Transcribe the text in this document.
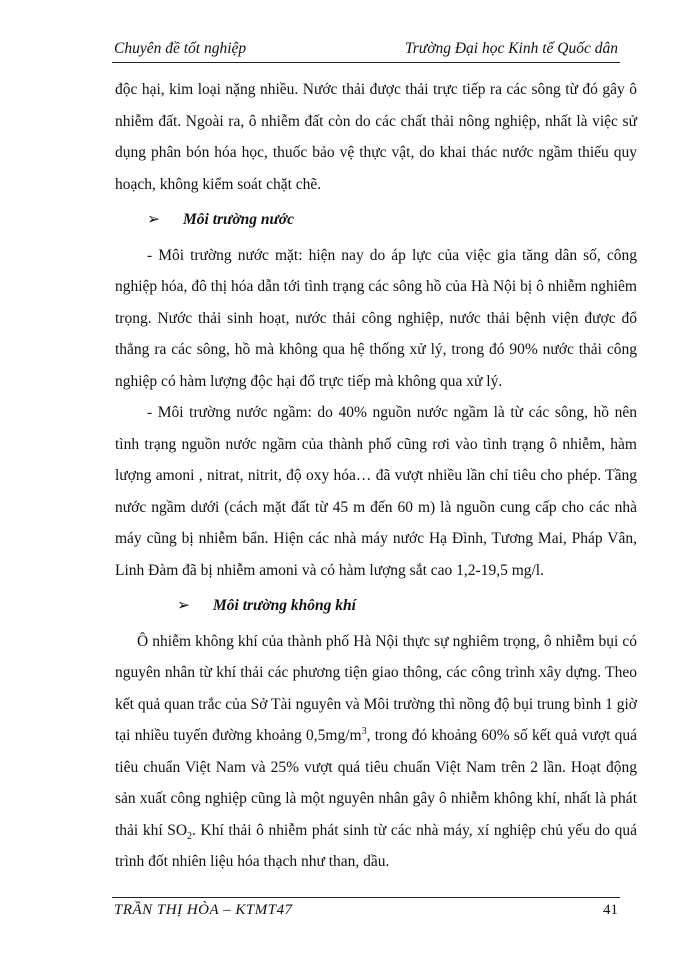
Chuyên đề tốt nghiệp	Trường Đại học Kinh tế Quốc dân

độc hại, kim loại nặng nhiều. Nước thải được thải trực tiếp ra các sông từ đó gây ô nhiễm đất. Ngoài ra, ô nhiễm đất còn do các chất thải nông nghiệp, nhất là việc sử dụng phân bón hóa học, thuốc bảo vệ thực vật, do khai thác nước ngầm thiếu quy hoạch, không kiểm soát chặt chẽ.

➢ Môi trường nước

- Môi trường nước mặt: hiện nay do áp lực của việc gia tăng dân số, công nghiệp hóa, đô thị hóa dẫn tới tình trạng các sông hồ của Hà Nội bị ô nhiễm nghiêm trọng. Nước thải sinh hoạt, nước thải công nghiệp, nước thải bệnh viện được đổ thẳng ra các sông, hồ mà không qua hệ thống xử lý, trong đó 90% nước thải công nghiệp có hàm lượng độc hại đổ trực tiếp mà không qua xử lý.

- Môi trường nước ngầm: do 40% nguồn nước ngầm là từ các sông, hồ nên tình trạng nguồn nước ngầm của thành phố cũng rơi vào tình trạng ô nhiễm, hàm lượng amoni , nitrat, nitrit, độ oxy hóa… đã vượt nhiều lần chỉ tiêu cho phép. Tầng nước ngầm dưới (cách mặt đất từ 45 m đến 60 m) là nguồn cung cấp cho các nhà máy cũng bị nhiễm bẩn. Hiện các nhà máy nước Hạ Đình, Tương Mai, Pháp Vân, Linh Đàm đã bị nhiễm amoni và có hàm lượng sắt cao 1,2-19,5 mg/l.

➢ Môi trường không khí

Ô nhiễm không khí của thành phố Hà Nội thực sự nghiêm trọng, ô nhiễm bụi có nguyên nhân từ khí thải các phương tiện giao thông, các công trình xây dựng. Theo kết quả quan trắc của Sở Tài nguyên và Môi trường thì nồng độ bụi trung bình 1 giờ tại nhiều tuyến đường khoảng $0,5mg/m^3$, trong đó khoảng 60% số kết quả vượt quá tiêu chuẩn Việt Nam và 25% vượt quá tiêu chuẩn Việt Nam trên 2 lần. Hoạt động sản xuất công nghiệp cũng là một nguyên nhân gây ô nhiễm không khí, nhất là phát thải khí $SO_2$. Khí thải ô nhiễm phát sinh từ các nhà máy, xí nghiệp chủ yếu do quá trình đốt nhiên liệu hóa thạch như than, dầu.

TRẦN THỊ HÒA – KTMT47	41
